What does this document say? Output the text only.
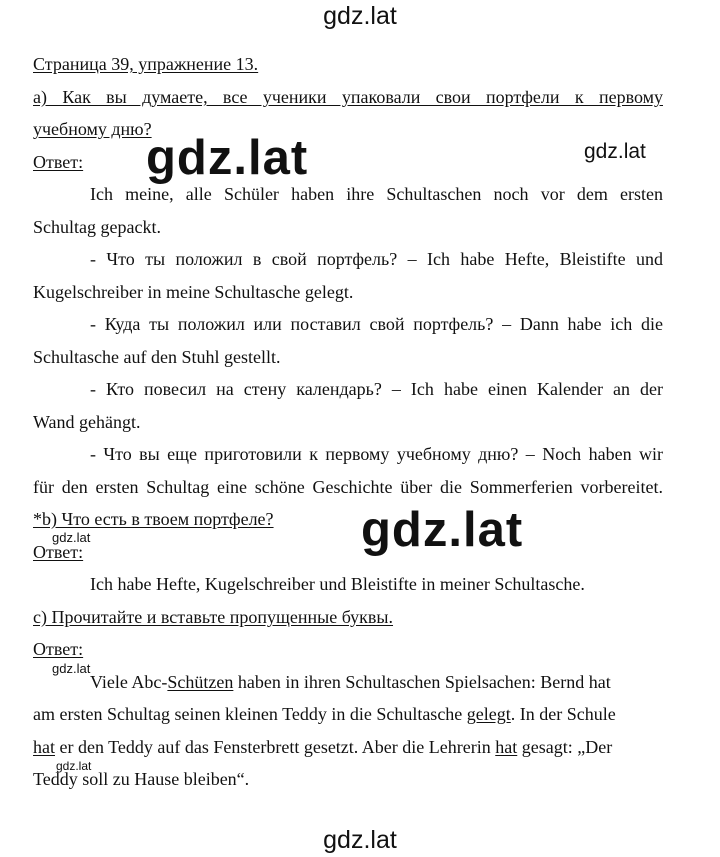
gdz.lat
gdz.lat	gdz.lat
gdz.lat
gdz.lat
gdz.lat
gdz.lat
gdz.lat
Страница 39, упражнение 13.
а) Как вы думаете, все ученики упаковали свои портфели к первому
учебному дню?
Ответ:
Ich meine, alle Schüler haben ihre Schultaschen noch vor dem ersten
Schultag gepackt.
- Что ты положил в свой портфель? – Ich habe Hefte, Bleistifte und
Kugelschreiber in meine Schultasche gelegt.
- Куда ты положил или поставил свой портфель? – Dann habe ich die
Schultasche auf den Stuhl gestellt.
- Кто повесил на стену календарь? – Ich habe einen Kalender an der
Wand gehängt.
- Что вы еще приготовили к первому учебному дню? – Noch haben wir
für den ersten Schultag eine schöne Geschichte über die Sommerferien vorbereitet.
*b) Что есть в твоем портфеле?
Ответ:
Ich habe Hefte, Kugelschreiber und Bleistifte in meiner Schultasche.
c) Прочитайте и вставьте пропущенные буквы.
Ответ:
Viele Abc-Schützen haben in ihren Schultaschen Spielsachen: Bernd hat
am ersten Schultag seinen kleinen Teddy in die Schultasche gelegt. In der Schule
hat er den Teddy auf das Fensterbrett gesetzt. Aber die Lehrerin hat gesagt: „Der
Teddy soll zu Hause bleiben“.
